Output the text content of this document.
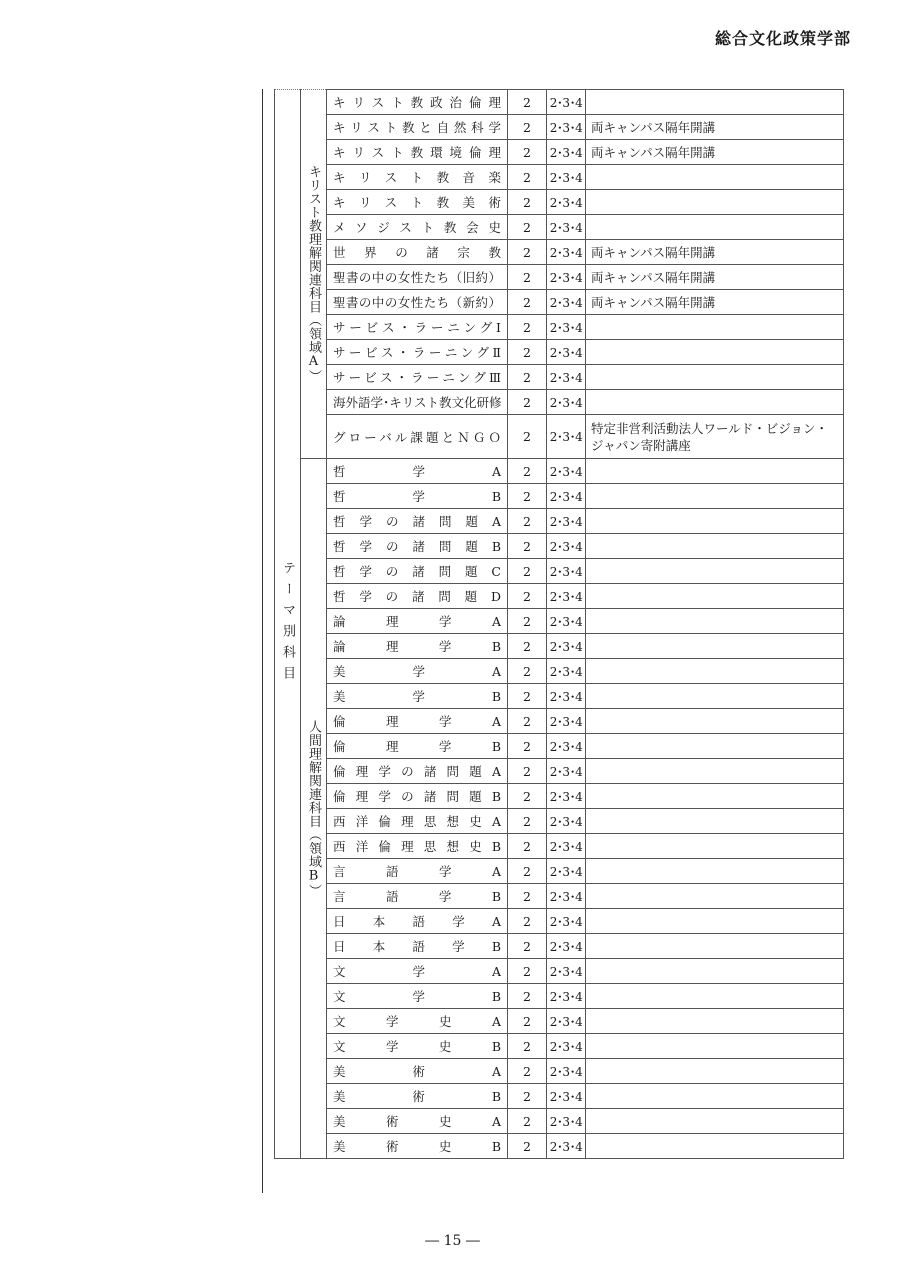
総合文化政策学部
テーマ別科目	キリスト教理解関連科目（領域A）	キリスト教政治倫理	2	2･3･4	
		キリスト教と自然科学	2	2･3･4	両キャンパス隔年開講
		キリスト教環境倫理	2	2･3･4	両キャンパス隔年開講
		キリスト教音楽	2	2･3･4	
		キリスト教美術	2	2･3･4	
		メソジスト教会史	2	2･3･4	
		世界の諸宗教	2	2･3･4	両キャンパス隔年開講
		聖書の中の女性たち（旧約）	2	2･3･4	両キャンパス隔年開講
		聖書の中の女性たち（新約）	2	2･3･4	両キャンパス隔年開講
		サービス・ラーニングⅠ	2	2･3･4	
		サービス・ラーニングⅡ	2	2･3･4	
		サービス・ラーニングⅢ	2	2･3･4	
		海外語学･キリスト教文化研修	2	2･3･4	
		グローバル課題とＮＧＯ	2	2･3･4	特定非営利活動法人ワールド・ビジョン・ジャパン寄附講座
	人間理解関連科目（領域B）	哲学A	2	2･3･4	
		哲学B	2	2･3･4	
		哲学の諸問題A	2	2･3･4	
		哲学の諸問題B	2	2･3･4	
		哲学の諸問題C	2	2･3･4	
		哲学の諸問題D	2	2･3･4	
		論理学A	2	2･3･4	
		論理学B	2	2･3･4	
		美学A	2	2･3･4	
		美学B	2	2･3･4	
		倫理学A	2	2･3･4	
		倫理学B	2	2･3･4	
		倫理学の諸問題A	2	2･3･4	
		倫理学の諸問題B	2	2･3･4	
		西洋倫理思想史A	2	2･3･4	
		西洋倫理思想史B	2	2･3･4	
		言語学A	2	2･3･4	
		言語学B	2	2･3･4	
		日本語学A	2	2･3･4	
		日本語学B	2	2･3･4	
		文学A	2	2･3･4	
		文学B	2	2･3･4	
		文学史A	2	2･3･4	
		文学史B	2	2･3･4	
		美術A	2	2･3･4	
		美術B	2	2･3･4	
		美術史A	2	2･3･4	
		美術史B	2	2･3･4	
― 15 ―
